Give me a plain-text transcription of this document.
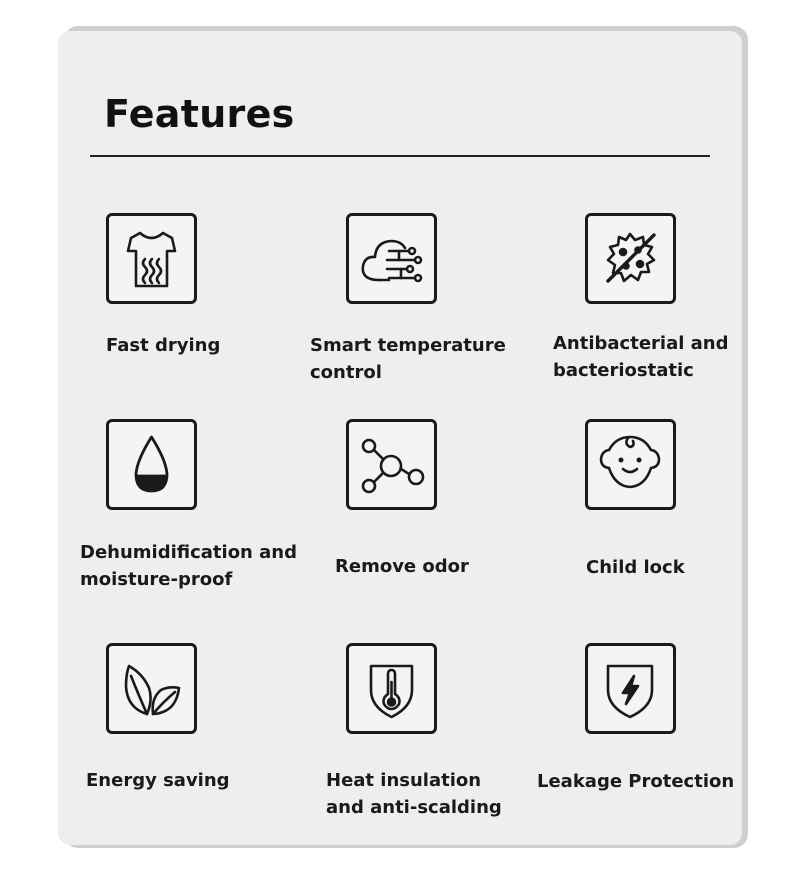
Features
Fast drying	Smart temperature
control
Antibacterial and
bacteriostatic
Dehumidification and
moisture-proof
Remove odor	Child lock
Energy saving	Heat insulation
and anti-scalding
Leakage Protection
